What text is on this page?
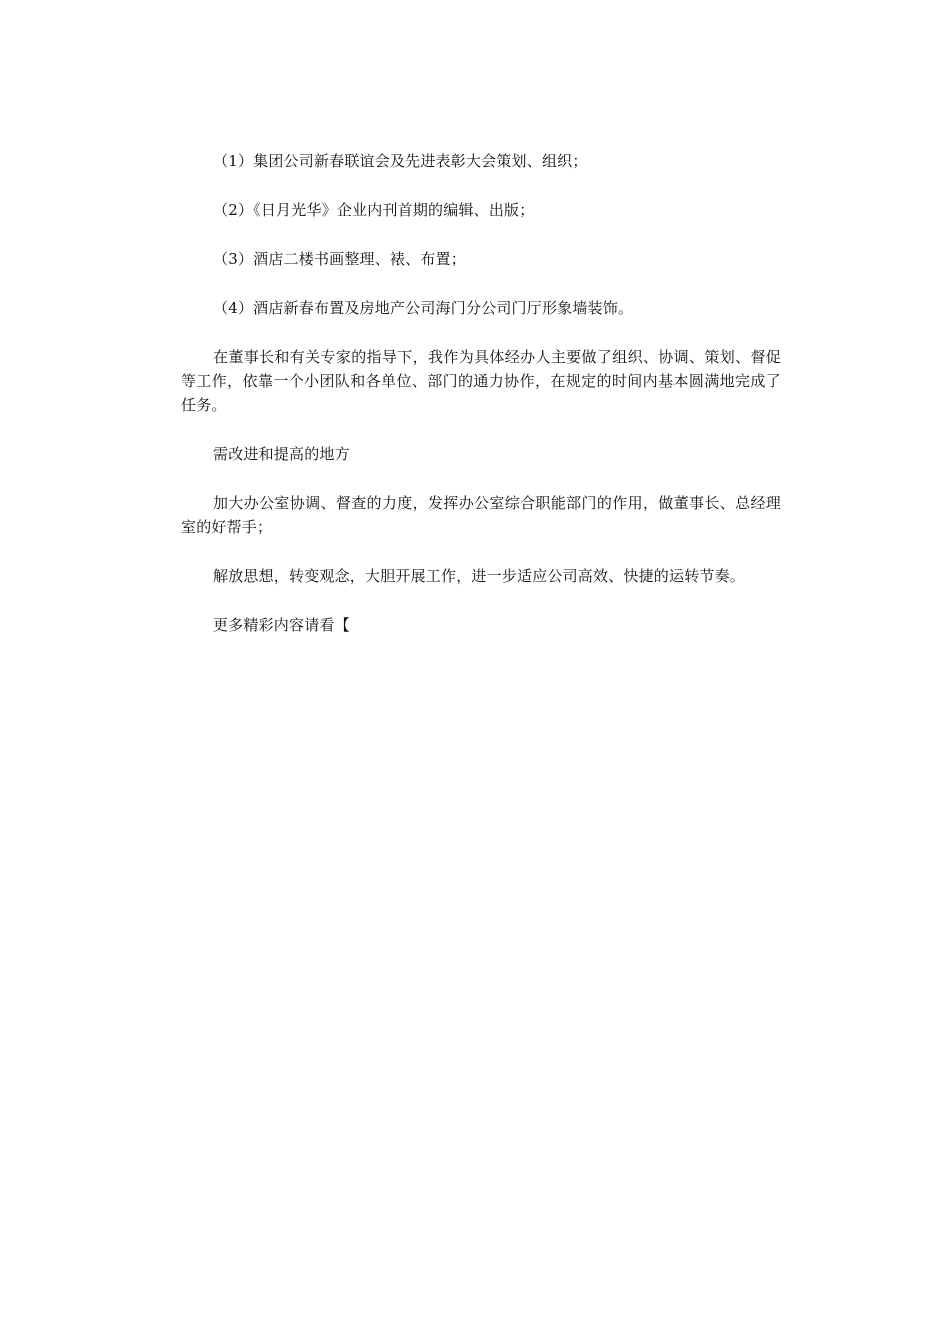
（1）集团公司新春联谊会及先进表彰大会策划、组织；

（2）《日月光华》企业内刊首期的编辑、出版；

（3）酒店二楼书画整理、裱、布置；

（4）酒店新春布置及房地产公司海门分公司门厅形象墙装饰。

在董事长和有关专家的指导下，我作为具体经办人主要做了组织、协调、策划、督促等工作，依靠一个小团队和各单位、部门的通力协作，在规定的时间内基本圆满地完成了任务。

需改进和提高的地方

加大办公室协调、督查的力度，发挥办公室综合职能部门的作用，做董事长、总经理室的好帮手；

解放思想，转变观念，大胆开展工作，进一步适应公司高效、快捷的运转节奏。

更多精彩内容请看【
